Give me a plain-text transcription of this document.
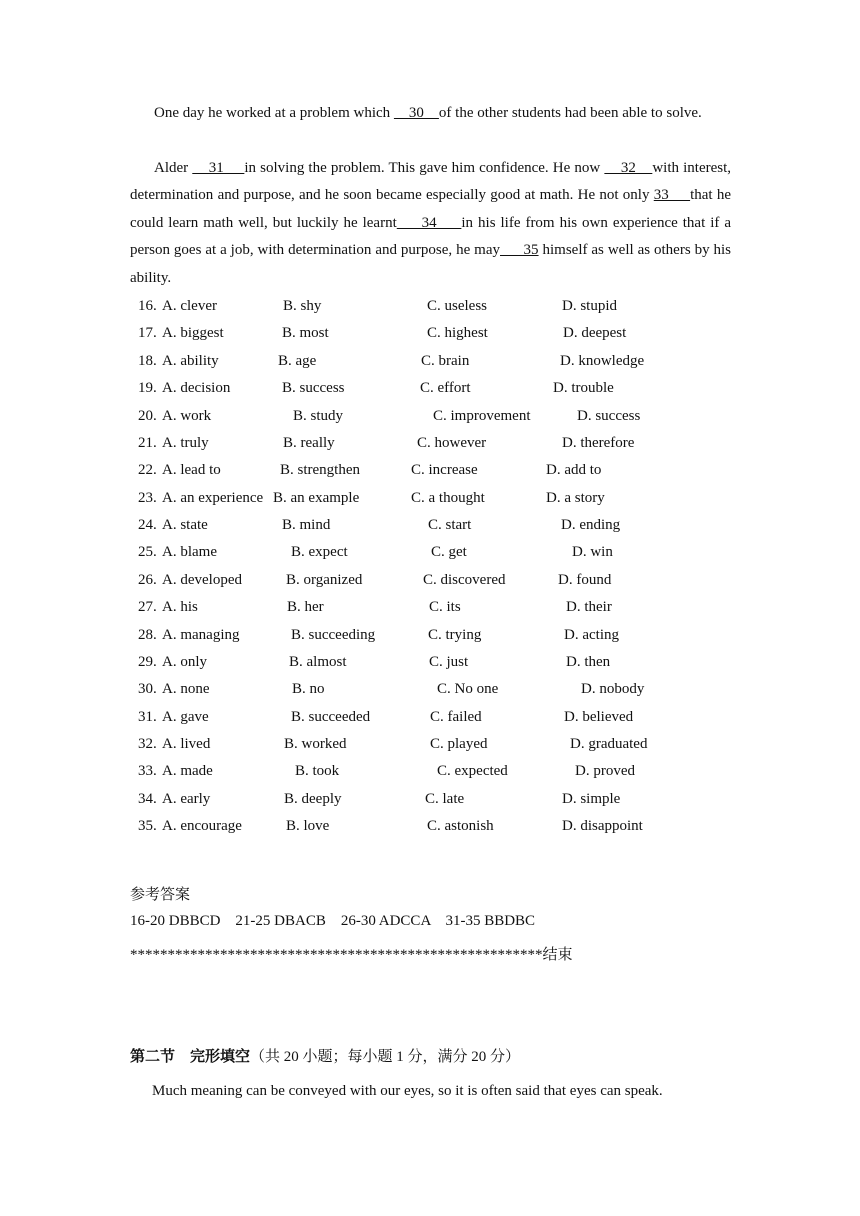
One day he worked at a problem which     30    of the other students had been able to solve.

Alder     31     in solving the problem. This gave him confidence. He now     32    with interest, determination and purpose, and he soon became especially good at math. He not only 33     that he could learn math well, but luckily he learnt     34     in his life from his own experience that if a person goes at a job, with determination and purpose, he may      35 himself as well as others by his ability.

16. A. clever	B. shy	C. useless	D. stupid
17. A. biggest	B. most	C. highest	D. deepest
18. A. ability	B. age	C. brain	D. knowledge
19. A. decision	B. success	C. effort	D. trouble
20. A. work	B. study	C. improvement	D. success
21. A. truly	B. really	C. however	D. therefore
22. A. lead to	B. strengthen	C. increase	D. add to
23. A. an experience B. an example	C. a thought	D. a story
24. A. state	B. mind	C. start	D. ending
25. A. blame	B. expect	C. get	D. win
26. A. developed	B. organized	C. discovered	D. found
27. A. his	B. her	C. its	D. their
28. A. managing	B. succeeding	C. trying	D. acting
29. A. only	B. almost	C. just	D. then
30. A. none	B. no	C. No one	D. nobody
31. A. gave	B. succeeded	C. failed	D. believed
32. A. lived	B. worked	C. played	D. graduated
33. A. made	B. took	C. expected	D. proved
34. A. early	B. deeply	C. late	D. simple
35. A. encourage	B. love	C. astonish	D. disappoint
参考答案
16-20 DBBCD    21-25 DBACB    26-30 ADCCA    31-35 BBDBC
*******************************************************结束
第二节　完形填空（共 20 小题；每小题 1 分，满分 20 分）
Much meaning can be conveyed with our eyes, so it is often said that eyes can speak.
